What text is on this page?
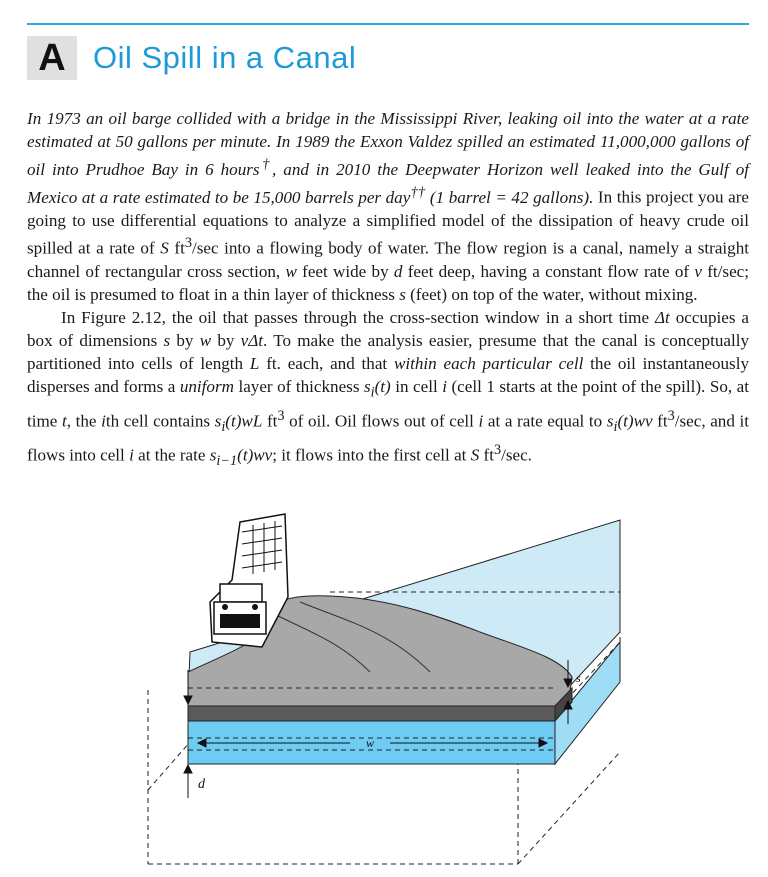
A Oil Spill in a Canal

In 1973 an oil barge collided with a bridge in the Mississippi River, leaking oil into the water at a rate estimated at 50 gallons per minute. In 1989 the Exxon Valdez spilled an estimated 11,000,000 gallons of oil into Prudhoe Bay in 6 hours†, and in 2010 the Deepwater Horizon well leaked into the Gulf of Mexico at a rate estimated to be 15,000 barrels per day†† (1 barrel = 42 gallons). In this project you are going to use differential equations to analyze a simplified model of the dissipation of heavy crude oil spilled at a rate of S $ft^3/\sec$ into a flowing body of water. The flow region is a canal, namely a straight channel of rectangular cross section, w feet wide by d feet deep, having a constant flow rate of v ft/sec; the oil is presumed to float in a thin layer of thickness s (feet) on top of the water, without mixing.

In Figure 2.12, the oil that passes through the cross-section window in a short time Δt occupies a box of dimensions s by w by vΔt. To make the analysis easier, presume that the canal is conceptually partitioned into cells of length L ft. each, and that within each particular cell the oil instantaneously disperses and forms a uniform layer of thickness $s_i(t)$ in cell i (cell 1 starts at the point of the spill). So, at time t, the ith cell contains $s_i(t)wL$ $ft^3$ of oil. Oil flows out of cell i at a rate equal to $s_i(t)wv$ $ft^3/\sec$, and it flows into cell i at the rate $s_{i-1}(t)wv$; it flows into the first cell at S $ft^3/\sec$.

s
w
d
